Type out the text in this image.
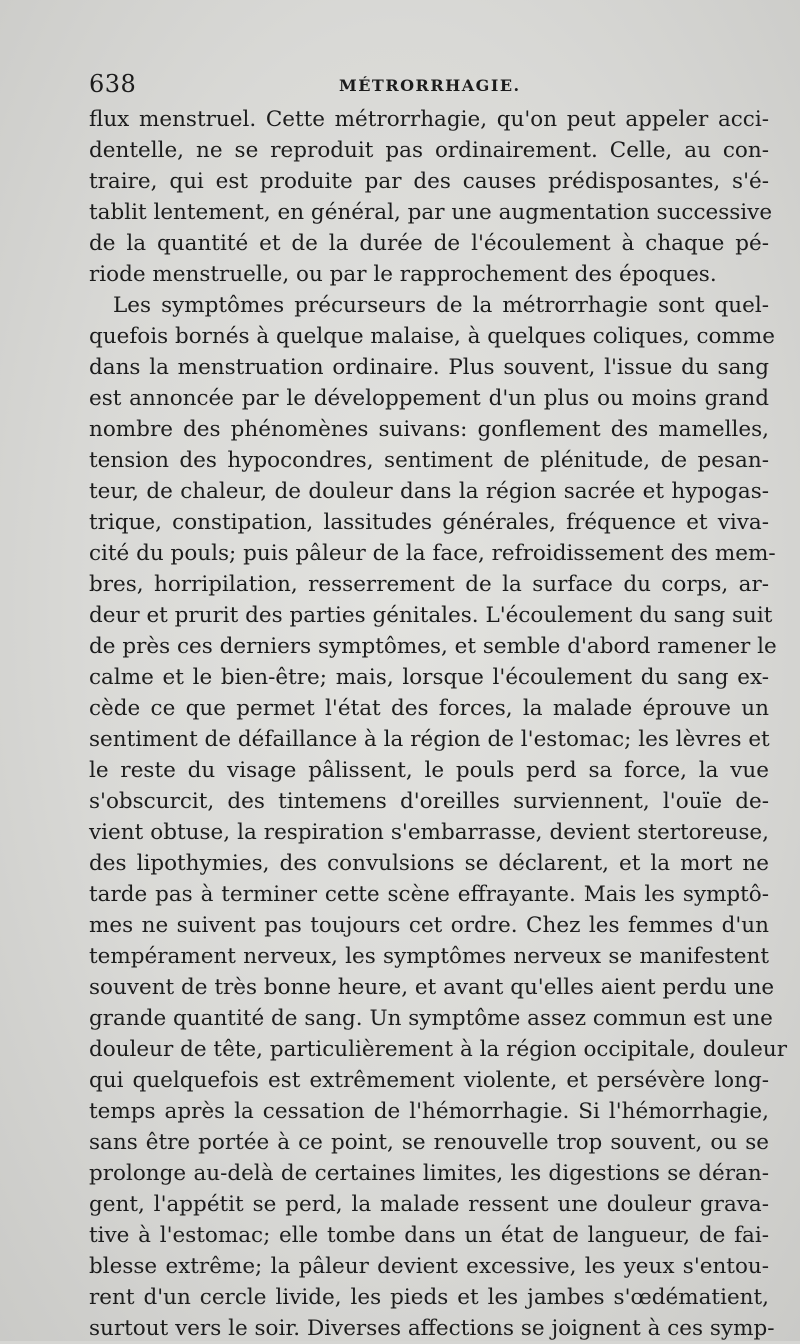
638	MÉTRORRHAGIE.
flux menstruel. Cette métrorrhagie, qu'on peut appeler acci-
dentelle, ne se reproduit pas ordinairement. Celle, au con-
traire, qui est produite par des causes prédisposantes, s'é-
tablit lentement, en général, par une augmentation successive
de la quantité et de la durée de l'écoulement à chaque pé-
riode menstruelle, ou par le rapprochement des époques.
Les symptômes précurseurs de la métrorrhagie sont quel-
quefois bornés à quelque malaise, à quelques coliques, comme
dans la menstruation ordinaire. Plus souvent, l'issue du sang
est annoncée par le développement d'un plus ou moins grand
nombre des phénomènes suivans: gonflement des mamelles,
tension des hypocondres, sentiment de plénitude, de pesan-
teur, de chaleur, de douleur dans la région sacrée et hypogas-
trique, constipation, lassitudes générales, fréquence et viva-
cité du pouls; puis pâleur de la face, refroidissement des mem-
bres, horripilation, resserrement de la surface du corps, ar-
deur et prurit des parties génitales. L'écoulement du sang suit
de près ces derniers symptômes, et semble d'abord ramener le
calme et le bien-être; mais, lorsque l'écoulement du sang ex-
cède ce que permet l'état des forces, la malade éprouve un
sentiment de défaillance à la région de l'estomac; les lèvres et
le reste du visage pâlissent, le pouls perd sa force, la vue
s'obscurcit, des tintemens d'oreilles surviennent, l'ouïe de-
vient obtuse, la respiration s'embarrasse, devient stertoreuse,
des lipothymies, des convulsions se déclarent, et la mort ne
tarde pas à terminer cette scène effrayante. Mais les symptô-
mes ne suivent pas toujours cet ordre. Chez les femmes d'un
tempérament nerveux, les symptômes nerveux se manifestent
souvent de très bonne heure, et avant qu'elles aient perdu une
grande quantité de sang. Un symptôme assez commun est une
douleur de tête, particulièrement à la région occipitale, douleur
qui quelquefois est extrêmement violente, et persévère long-
temps après la cessation de l'hémorrhagie. Si l'hémorrhagie,
sans être portée à ce point, se renouvelle trop souvent, ou se
prolonge au-delà de certaines limites, les digestions se déran-
gent, l'appétit se perd, la malade ressent une douleur grava-
tive à l'estomac; elle tombe dans un état de langueur, de fai-
blesse extrême; la pâleur devient excessive, les yeux s'entou-
rent d'un cercle livide, les pieds et les jambes s'œdématient,
surtout vers le soir. Diverses affections se joignent à ces symp-
